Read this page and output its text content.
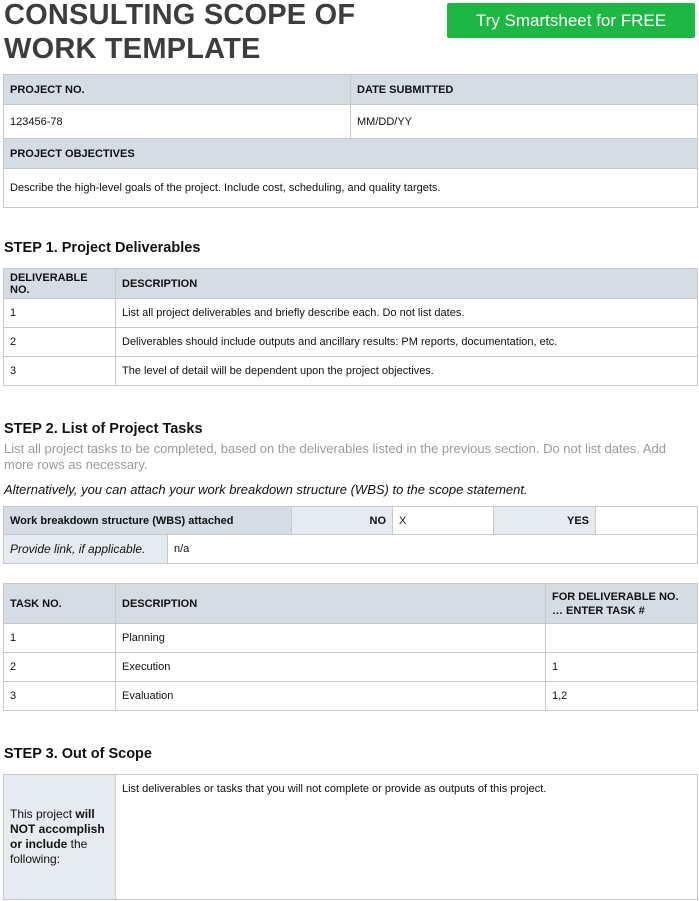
CONSULTING SCOPE OF WORK TEMPLATE
Try Smartsheet for FREE
PROJECT NO.	DATE SUBMITTED
123456-78	MM/DD/YY
PROJECT OBJECTIVES	
Describe the high-level goals of the project. Include cost, scheduling, and quality targets.	
STEP 1. Project Deliverables
DELIVERABLE NO.	DESCRIPTION
1	List all project deliverables and briefly describe each. Do not list dates.
2	Deliverables should include outputs and ancillary results: PM reports, documentation, etc.
3	The level of detail will be dependent upon the project objectives.
STEP 2. List of Project Tasks
List all project tasks to be completed, based on the deliverables listed in the previous section. Do not list dates. Add more rows as necessary.
Alternatively, you can attach your work breakdown structure (WBS) to the scope statement.
Work breakdown structure (WBS) attached	NO	X	YES	
Provide link, if applicable.	n/a
TASK NO.	DESCRIPTION	FOR DELIVERABLE NO. … ENTER TASK #
1	Planning	
2	Execution	1
3	Evaluation	1,2
STEP 3. Out of Scope
This project will NOT accomplish or include the following:	List deliverables or tasks that you will not complete or provide as outputs of this project.
